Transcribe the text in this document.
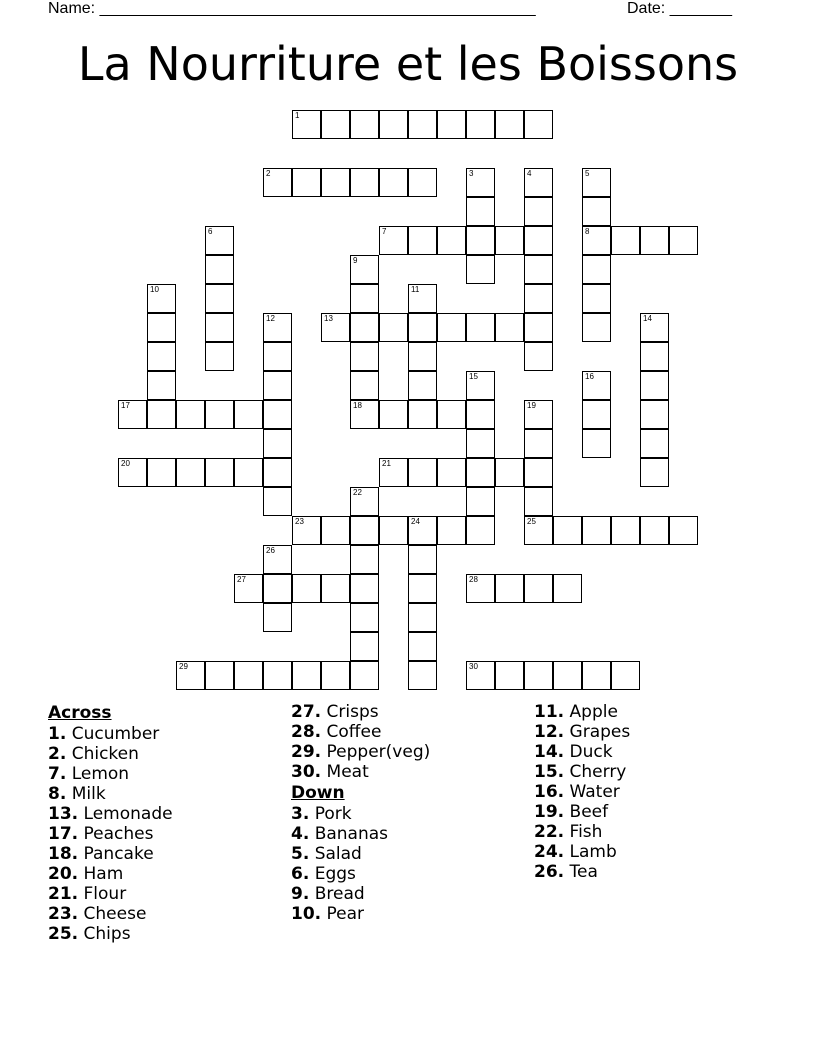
Name: _________________________________________________	Date: _______
La Nourriture et les Boissons
1
2	3	4	5
8
6	7
9
10	11
12	13	14
15	16
17	18	19
20	21
22
23	24	25
26
27	28
29	30
Across
1. Cucumber
2. Chicken
7. Lemon
8. Milk
13. Lemonade
17. Peaches
18. Pancake
20. Ham
21. Flour
23. Cheese
25. Chips
27. Crisps
28. Coffee
29. Pepper(veg)
30. Meat
Down
3. Pork
4. Bananas
5. Salad
6. Eggs
9. Bread
10. Pear
11. Apple
12. Grapes
14. Duck
15. Cherry
16. Water
19. Beef
22. Fish
24. Lamb
26. Tea
